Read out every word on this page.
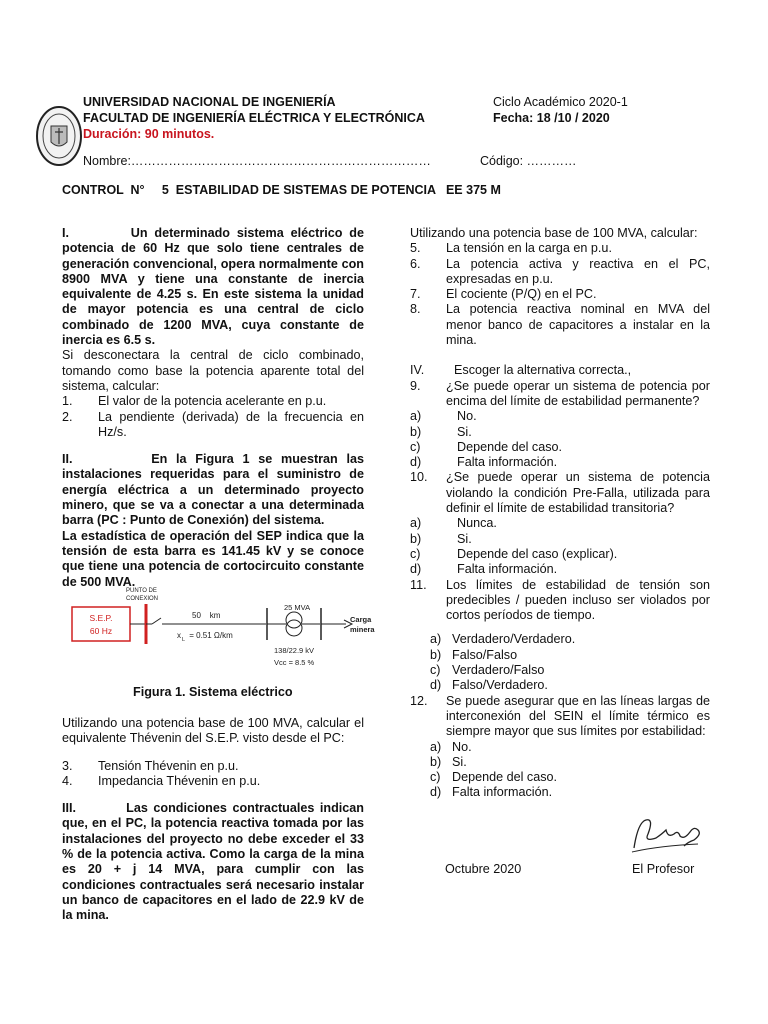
UNIVERSIDAD NACIONAL DE INGENIERÍA
FACULTAD DE INGENIERÍA ELÉCTRICA Y ELECTRÓNICA
Duración: 90 minutos.
Ciclo Académico 2020-1
Fecha: 18 /10 / 2020
Nombre:………………………………………………………………	Código: …………
CONTROL  N°     5  ESTABILIDAD DE SISTEMAS DE POTENCIA   EE 375 M
I.         Un determinado sistema eléctrico de potencia de 60 Hz que solo tiene centrales de generación convencional, opera normalmente con 8900 MVA y tiene una constante de inercia equivalente de 4.25 s. En este sistema la unidad de mayor potencia es una central de ciclo combinado de 1200 MVA, cuya constante de inercia es 6.5 s.
Si desconectara la central de ciclo combinado, tomando como base la potencia aparente total del sistema, calcular:
1.	El valor de la potencia acelerante en p.u.
2.	La pendiente (derivada) de la frecuencia en Hz/s.
II.         En la Figura 1 se muestran las instalaciones requeridas para el suministro de energía eléctrica a un determinado proyecto minero, que se va a conectar a una determinada barra (PC : Punto de Conexión) del sistema.
La estadística de operación del SEP indica que la tensión de esta barra es 141.45 kV y se conoce que tiene una potencia de cortocircuito constante de 500 MVA.
S.E.P.
60 Hz
PUNTO DE
CONEXION
50    km
x L = 0.51 Ω/km
25 MVA
Carga
minera
138/22.9 kV
Vcc = 8.5 %
Figura 1. Sistema eléctrico
Utilizando una potencia base de 100 MVA, calcular el equivalente Thévenin del S.E.P. visto desde el PC:
3.	Tensión Thévenin en p.u.
4.	Impedancia Thévenin en p.u.
III.         Las condiciones contractuales indican que, en el PC, la potencia reactiva tomada por las instalaciones del proyecto no debe exceder el 33 % de la potencia activa. Como la carga de la mina es 20 + j 14 MVA, para cumplir con las condiciones contractuales será necesario instalar un banco de capacitores en el lado de 22.9 kV de la mina.
Utilizando una potencia base de 100 MVA, calcular:
5.	La tensión en la carga en p.u.
6.	La potencia activa y reactiva en el PC, expresadas en p.u.
7.	El cociente (P/Q) en el PC.
8.	La potencia reactiva nominal en MVA del menor banco de capacitores a instalar en la mina.
IV.	Escoger la alternativa correcta.,
9.	¿Se puede operar un sistema de potencia por encima del límite de estabilidad permanente?
a)	No.
b)	Si.
c)	Depende del caso.
d)	Falta información.
10.	¿Se puede operar un sistema de potencia violando la condición Pre-Falla, utilizada para definir el límite de estabilidad transitoria?
a)	Nunca.
b)	Si.
c)	Depende del caso (explicar).
d)	Falta información.
11.	Los límites de estabilidad de tensión son predecibles / pueden incluso ser violados por cortos períodos de tiempo.
a) Verdadero/Verdadero.
b) Falso/Falso
c) Verdadero/Falso
d) Falso/Verdadero.
12.	Se puede asegurar que en las líneas largas de interconexión del SEIN el límite térmico es siempre mayor que sus límites por estabilidad:
a) No.
b) Si.
c) Depende del caso.
d) Falta información.
Octubre 2020	El Profesor
